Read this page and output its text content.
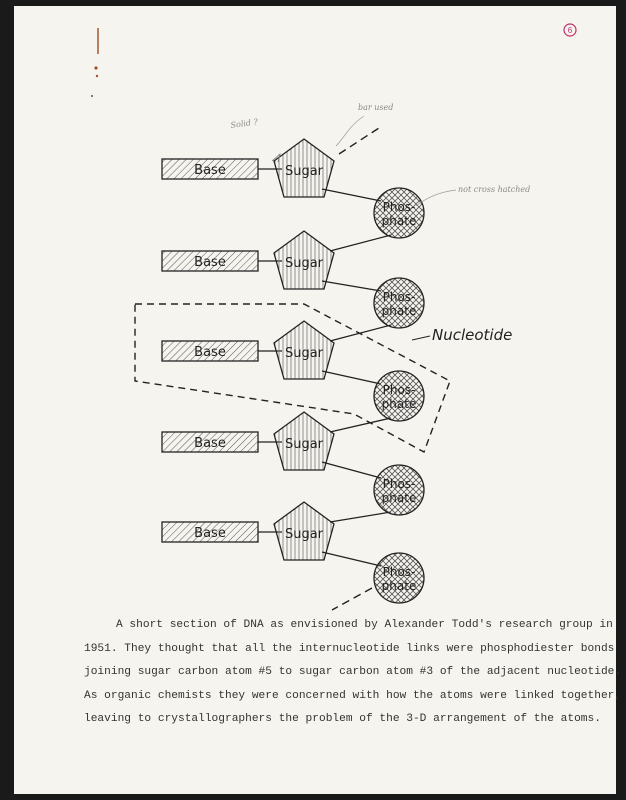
6
Base	Sugar
Base	Sugar
Base	Sugar
Base	Sugar
Base	Sugar
Phos-
phate
Phos-
phate
Phos-
phate
Phos-
phate
Phos-
phate
Nucleotide
Solid ?
bar used
not cross hatched

A short section of DNA as envisioned by Alexander Todd's research group in

1951. They thought that all the internucleotide links were phosphodiester bonds

joining sugar carbon atom #5 to sugar carbon atom #3 of the adjacent nucleotide.

As organic chemists they were concerned with how the atoms were linked together,

leaving to crystallographers the problem of the 3-D arrangement of the atoms.
